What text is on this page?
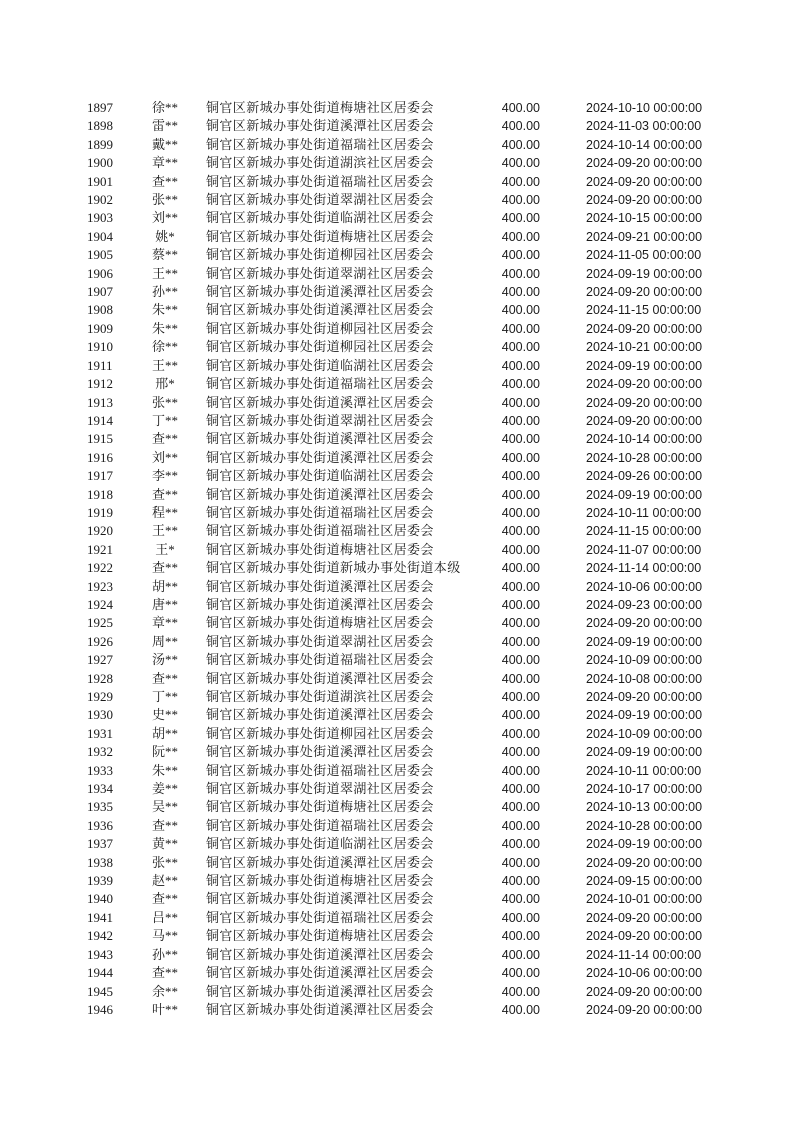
1897	徐**	铜官区新城办事处街道梅塘社区居委会	400.00	2024-10-10 00:00:00
1898	雷**	铜官区新城办事处街道溪潭社区居委会	400.00	2024-11-03 00:00:00
1899	戴**	铜官区新城办事处街道福瑞社区居委会	400.00	2024-10-14 00:00:00
1900	章**	铜官区新城办事处街道湖滨社区居委会	400.00	2024-09-20 00:00:00
1901	查**	铜官区新城办事处街道福瑞社区居委会	400.00	2024-09-20 00:00:00
1902	张**	铜官区新城办事处街道翠湖社区居委会	400.00	2024-09-20 00:00:00
1903	刘**	铜官区新城办事处街道临湖社区居委会	400.00	2024-10-15 00:00:00
1904	姚*	铜官区新城办事处街道梅塘社区居委会	400.00	2024-09-21 00:00:00
1905	蔡**	铜官区新城办事处街道柳园社区居委会	400.00	2024-11-05 00:00:00
1906	王**	铜官区新城办事处街道翠湖社区居委会	400.00	2024-09-19 00:00:00
1907	孙**	铜官区新城办事处街道溪潭社区居委会	400.00	2024-09-20 00:00:00
1908	朱**	铜官区新城办事处街道溪潭社区居委会	400.00	2024-11-15 00:00:00
1909	朱**	铜官区新城办事处街道柳园社区居委会	400.00	2024-09-20 00:00:00
1910	徐**	铜官区新城办事处街道柳园社区居委会	400.00	2024-10-21 00:00:00
1911	王**	铜官区新城办事处街道临湖社区居委会	400.00	2024-09-19 00:00:00
1912	邢*	铜官区新城办事处街道福瑞社区居委会	400.00	2024-09-20 00:00:00
1913	张**	铜官区新城办事处街道溪潭社区居委会	400.00	2024-09-20 00:00:00
1914	丁**	铜官区新城办事处街道翠湖社区居委会	400.00	2024-09-20 00:00:00
1915	查**	铜官区新城办事处街道溪潭社区居委会	400.00	2024-10-14 00:00:00
1916	刘**	铜官区新城办事处街道溪潭社区居委会	400.00	2024-10-28 00:00:00
1917	李**	铜官区新城办事处街道临湖社区居委会	400.00	2024-09-26 00:00:00
1918	查**	铜官区新城办事处街道溪潭社区居委会	400.00	2024-09-19 00:00:00
1919	程**	铜官区新城办事处街道福瑞社区居委会	400.00	2024-10-11 00:00:00
1920	王**	铜官区新城办事处街道福瑞社区居委会	400.00	2024-11-15 00:00:00
1921	王*	铜官区新城办事处街道梅塘社区居委会	400.00	2024-11-07 00:00:00
1922	查**	铜官区新城办事处街道新城办事处街道本级	400.00	2024-11-14 00:00:00
1923	胡**	铜官区新城办事处街道溪潭社区居委会	400.00	2024-10-06 00:00:00
1924	唐**	铜官区新城办事处街道溪潭社区居委会	400.00	2024-09-23 00:00:00
1925	章**	铜官区新城办事处街道梅塘社区居委会	400.00	2024-09-20 00:00:00
1926	周**	铜官区新城办事处街道翠湖社区居委会	400.00	2024-09-19 00:00:00
1927	汤**	铜官区新城办事处街道福瑞社区居委会	400.00	2024-10-09 00:00:00
1928	查**	铜官区新城办事处街道溪潭社区居委会	400.00	2024-10-08 00:00:00
1929	丁**	铜官区新城办事处街道湖滨社区居委会	400.00	2024-09-20 00:00:00
1930	史**	铜官区新城办事处街道溪潭社区居委会	400.00	2024-09-19 00:00:00
1931	胡**	铜官区新城办事处街道柳园社区居委会	400.00	2024-10-09 00:00:00
1932	阮**	铜官区新城办事处街道溪潭社区居委会	400.00	2024-09-19 00:00:00
1933	朱**	铜官区新城办事处街道福瑞社区居委会	400.00	2024-10-11 00:00:00
1934	姜**	铜官区新城办事处街道翠湖社区居委会	400.00	2024-10-17 00:00:00
1935	吴**	铜官区新城办事处街道梅塘社区居委会	400.00	2024-10-13 00:00:00
1936	查**	铜官区新城办事处街道福瑞社区居委会	400.00	2024-10-28 00:00:00
1937	黄**	铜官区新城办事处街道临湖社区居委会	400.00	2024-09-19 00:00:00
1938	张**	铜官区新城办事处街道溪潭社区居委会	400.00	2024-09-20 00:00:00
1939	赵**	铜官区新城办事处街道梅塘社区居委会	400.00	2024-09-15 00:00:00
1940	查**	铜官区新城办事处街道溪潭社区居委会	400.00	2024-10-01 00:00:00
1941	吕**	铜官区新城办事处街道福瑞社区居委会	400.00	2024-09-20 00:00:00
1942	马**	铜官区新城办事处街道梅塘社区居委会	400.00	2024-09-20 00:00:00
1943	孙**	铜官区新城办事处街道溪潭社区居委会	400.00	2024-11-14 00:00:00
1944	查**	铜官区新城办事处街道溪潭社区居委会	400.00	2024-10-06 00:00:00
1945	余**	铜官区新城办事处街道溪潭社区居委会	400.00	2024-09-20 00:00:00
1946	叶**	铜官区新城办事处街道溪潭社区居委会	400.00	2024-09-20 00:00:00
